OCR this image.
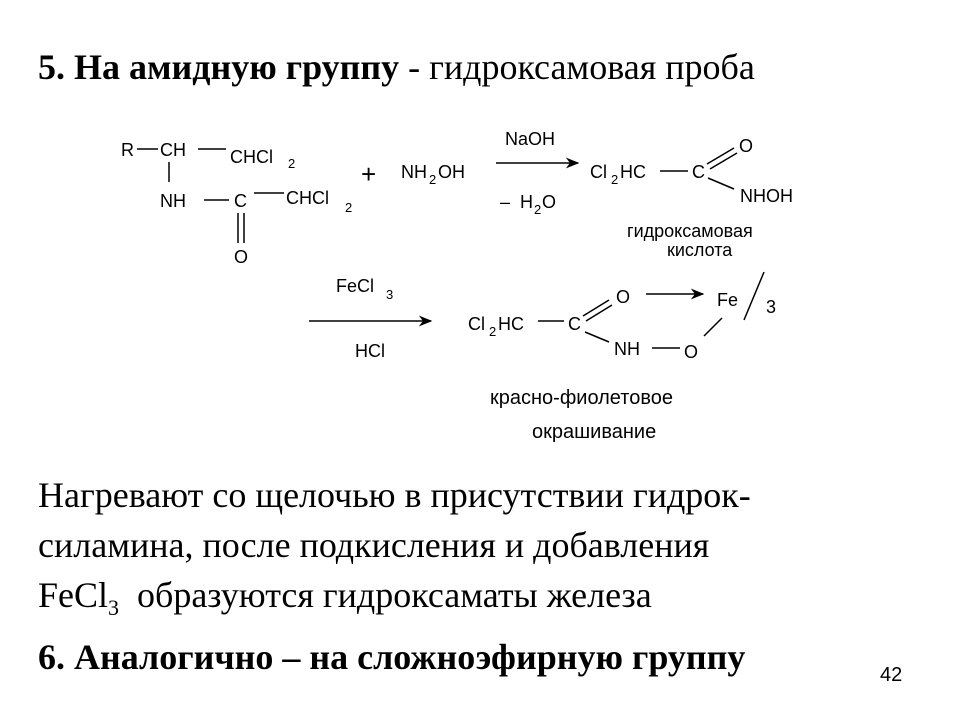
5. На амидную группу - гидроксамовая проба
R CH CHCl 2
NH	C CHCl 2
O
+ NH 2 OH
NaOH
– H 2 O
Cl 2 HC	C
O
NHOH
гидроксамовая
кислота
FeCl 3
HCl
Cl 2 HC C
O	Fe 3
NH O
красно-фиолетовое
окрашивание
Нагревают со щелочью в присутствии гидрок-
силамина, после подкисления и добавления
FeCl$_3$  образуются гидроксаматы железа
6. Аналогично – на сложноэфирную группу	42
